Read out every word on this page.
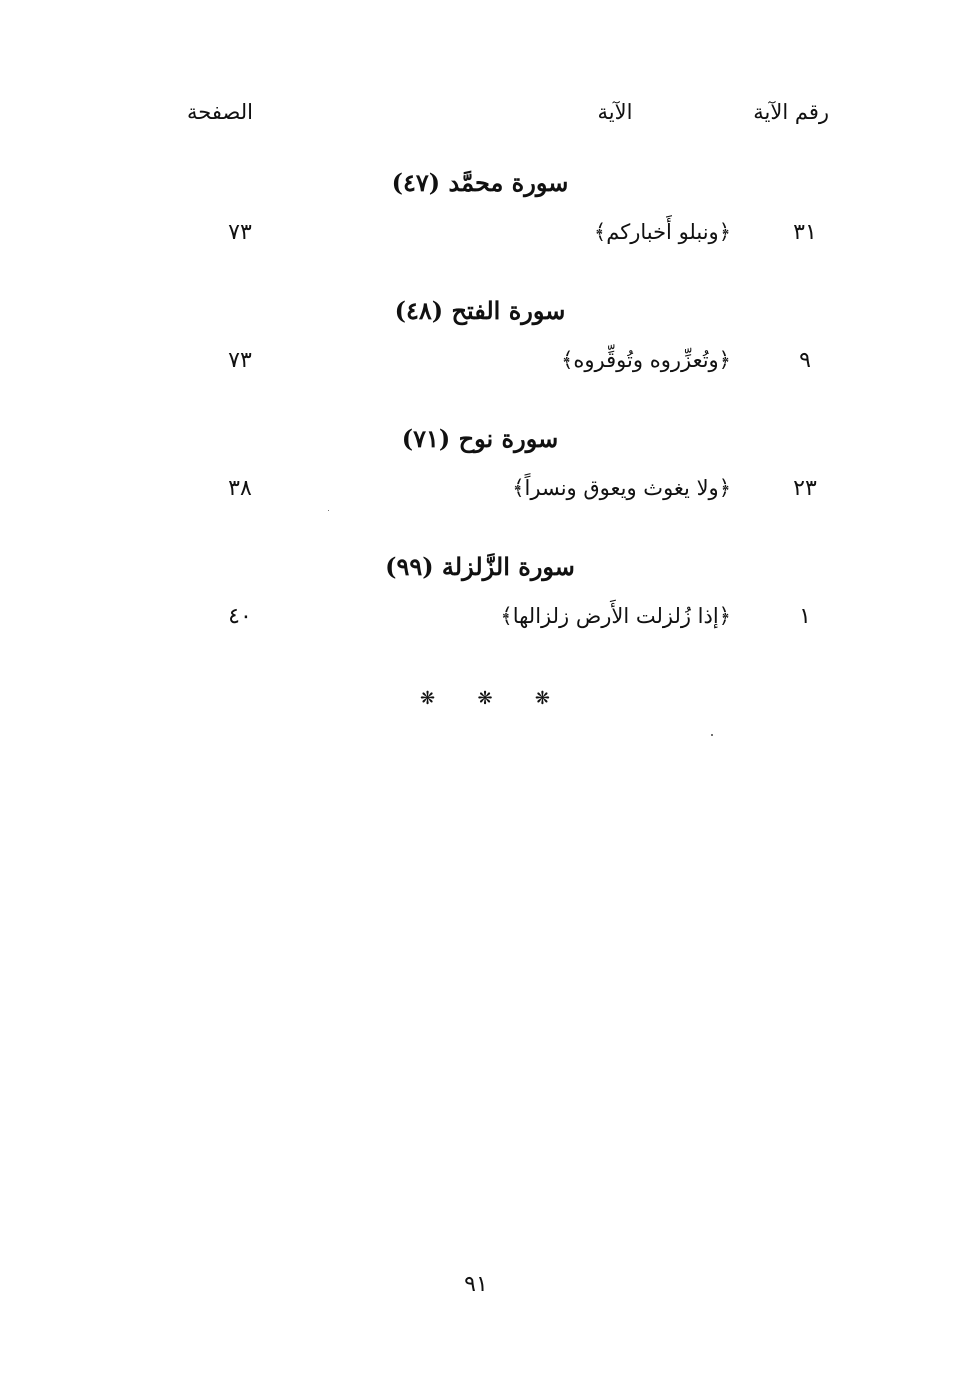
رقم الآية
الآية
الصفحة
سورة محمَّد (٤٧)
٣١
﴿ونبلو أَخباركم﴾
٧٣
سورة الفتح (٤٨)
٩
﴿وتُعزِّروه وتُوقِّروه﴾
٧٣
سورة نوح (٧١)
٢٣
﴿ولا يغوث ويعوق ونسراً﴾
٣٨
سورة الزَّلزلة (٩٩)
١
﴿إذا زُلزلت الأَرض زلزالها﴾
٤٠
❋ ❋ ❋
٩١
